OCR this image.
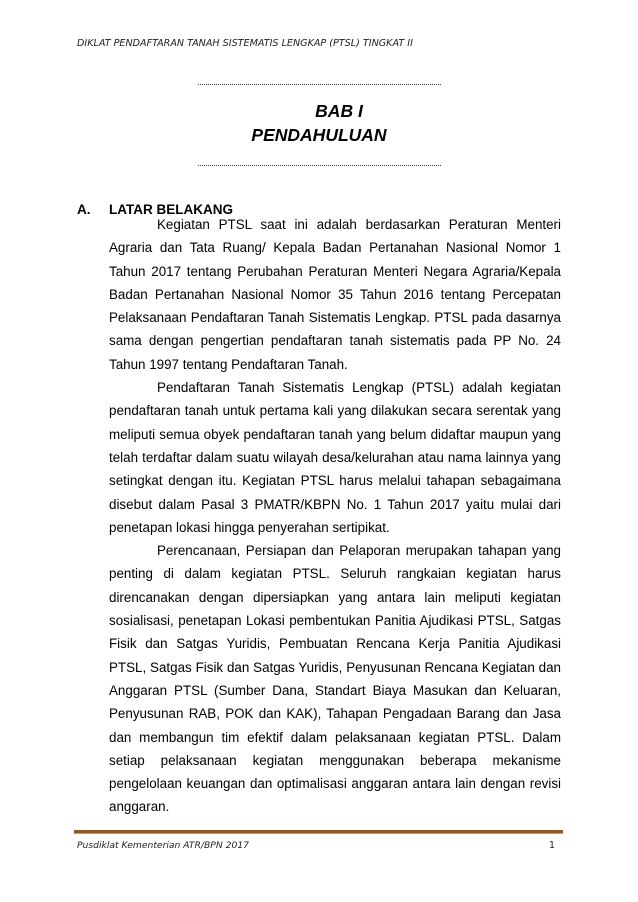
DIKLAT PENDAFTARAN TANAH SISTEMATIS LENGKAP (PTSL) TINGKAT II
BAB I
PENDAHULUAN
A. LATAR BELAKANG

Kegiatan PTSL saat ini adalah berdasarkan Peraturan Menteri Agraria dan Tata Ruang/ Kepala Badan Pertanahan Nasional Nomor 1 Tahun 2017 tentang Perubahan Peraturan Menteri Negara Agraria/Kepala Badan Pertanahan Nasional Nomor 35 Tahun 2016 tentang Percepatan Pelaksanaan Pendaftaran Tanah Sistematis Lengkap. PTSL pada dasarnya sama dengan pengertian pendaftaran tanah sistematis pada PP No. 24 Tahun 1997 tentang Pendaftaran Tanah.

Pendaftaran Tanah Sistematis Lengkap (PTSL) adalah kegiatan pendaftaran tanah untuk pertama kali yang dilakukan secara serentak yang meliputi semua obyek pendaftaran tanah yang belum didaftar maupun yang telah terdaftar dalam suatu wilayah desa/kelurahan atau nama lainnya yang setingkat dengan itu. Kegiatan PTSL harus melalui tahapan sebagaimana disebut dalam Pasal 3 PMATR/KBPN No. 1 Tahun 2017 yaitu mulai dari penetapan lokasi hingga penyerahan sertipikat.

Perencanaan, Persiapan dan Pelaporan merupakan tahapan yang penting di dalam kegiatan PTSL. Seluruh rangkaian kegiatan harus direncanakan dengan dipersiapkan yang antara lain meliputi kegiatan sosialisasi, penetapan Lokasi pembentukan Panitia Ajudikasi PTSL, Satgas Fisik dan Satgas Yuridis, Pembuatan Rencana Kerja Panitia Ajudikasi PTSL, Satgas Fisik dan Satgas Yuridis, Penyusunan Rencana Kegiatan dan Anggaran PTSL (Sumber Dana, Standart Biaya Masukan dan Keluaran, Penyusunan RAB, POK dan KAK), Tahapan Pengadaan Barang dan Jasa dan membangun tim efektif dalam pelaksanaan kegiatan PTSL. Dalam setiap pelaksanaan kegiatan menggunakan beberapa mekanisme pengelolaan keuangan dan optimalisasi anggaran antara lain dengan revisi anggaran.

Pusdiklat Kementerian ATR/BPN 2017	1
